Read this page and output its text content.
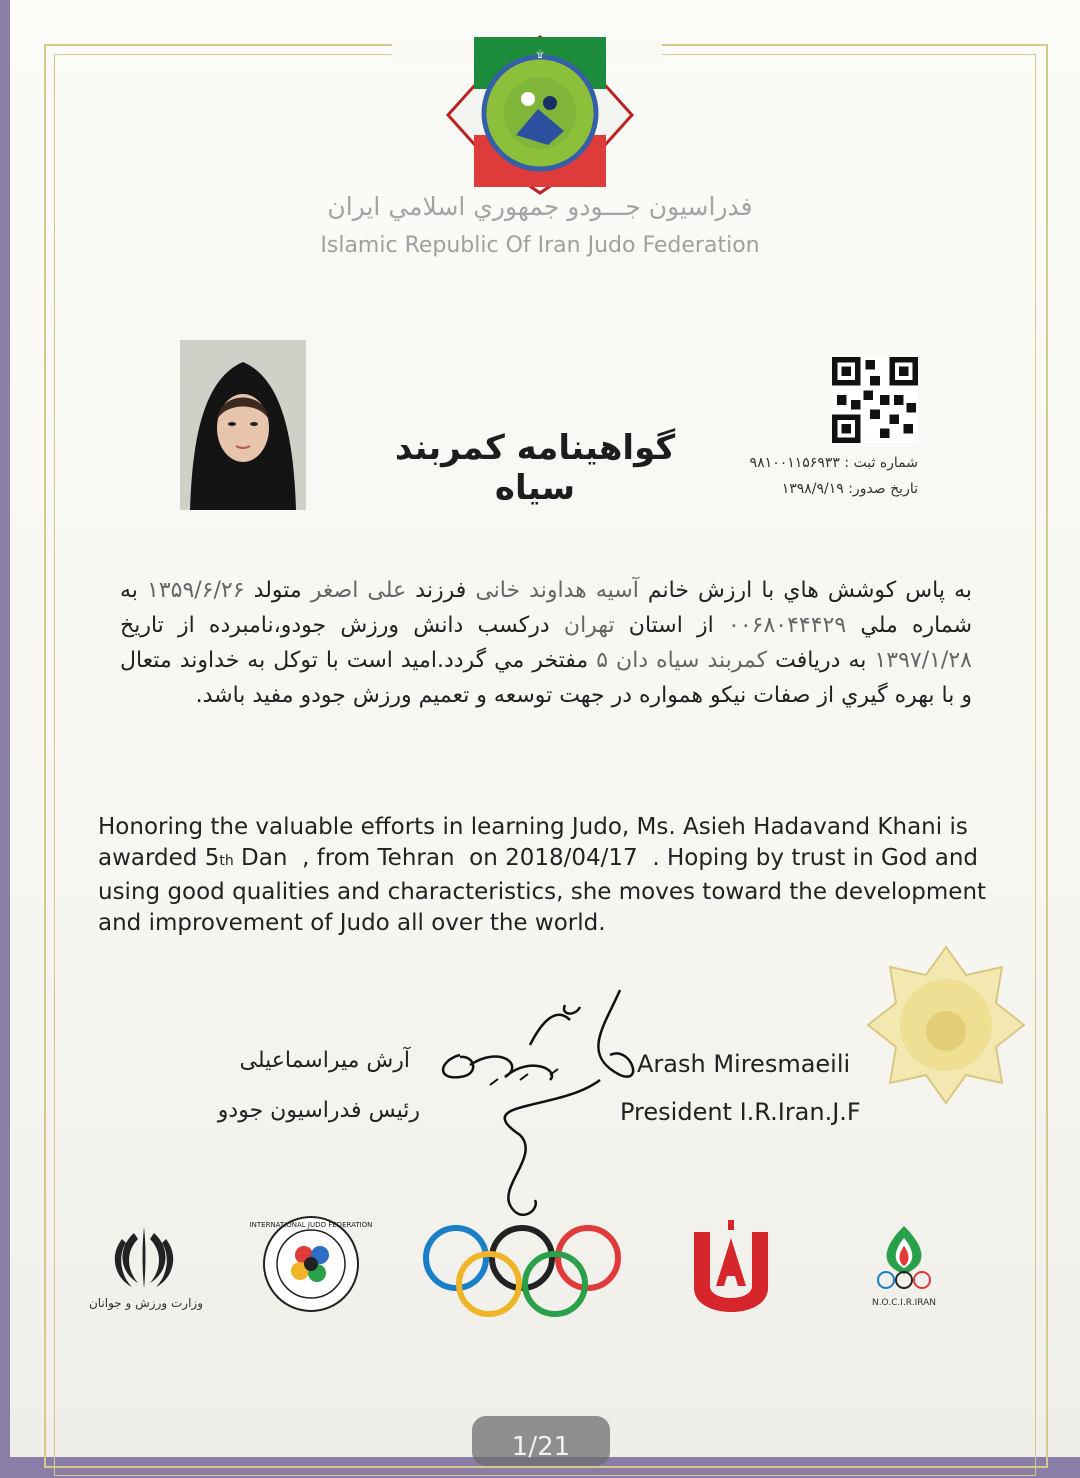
۩
فدراسيون جـــودو جمهوري اسلامي ايران
Islamic Republic Of Iran Judo Federation
گواهینامه کمربند سیاه
شماره ثبت : ۹۸۱۰۰۱۱۵۶۹۳۳
تاریخ صدور: ۱۳۹۸/۹/۱۹
به پاس کوشش هاي با ارزش خانم آسيه هداوند خانى فرزند على اصغر متولد ۱۳۵۹/۶/۲۶ به شماره ملي ۰۰۶۸۰۴۴۴۲۹ از استان تهران دركسب دانش ورزش جودو،نامبرده از تاريخ ۱۳۹۷/۱/۲۸ به دريافت كمربند سياه دان ۵ مفتخر مي گردد.اميد است با توكل به خداوند متعال و با بهره گيري از صفات نيكو همواره در جهت توسعه و تعميم ورزش جودو مفيد باشد.
Honoring the valuable efforts in learning Judo, Ms. Asieh Hadavand Khani is awarded 5th Dan , from Tehran on 2018/04/17 . Hoping by trust in God and using good qualities and characteristics, she moves toward the development and improvement of Judo all over the world.
آرش ميراسماعيلى
رئيس فدراسيون جودو
Arash Miresmaeili
President I.R.Iran.J.F
وزارت ورزش و جوانان
INTERNATIONAL JUDO FEDERATION
N.O.C.I.R.IRAN
1/21
